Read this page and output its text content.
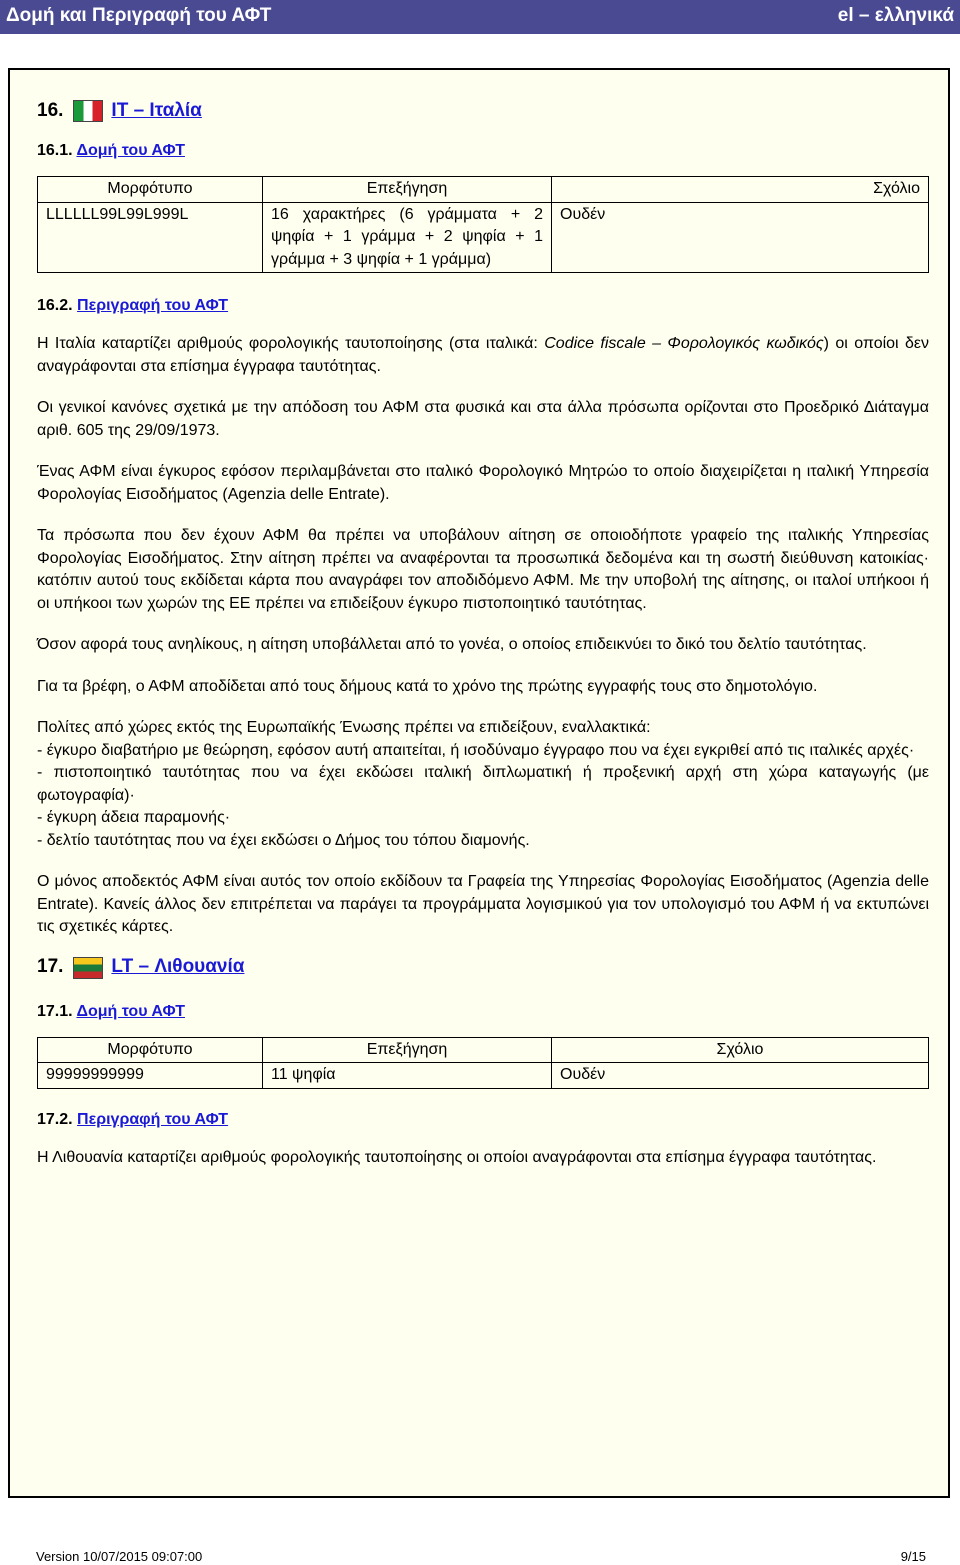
Δομή και Περιγραφή του ΑΦΤ	el – ελληνικά
16.	IT – Ιταλία
16.1. Δομή του ΑΦΤ
Μορφότυπο	Επεξήγηση	Σχόλιο
LLLLLL99L99L999L	16 χαρακτήρες (6 γράμματα + 2 ψηφία + 1 γράμμα + 2 ψηφία + 1 γράμμα + 3 ψηφία + 1 γράμμα)	Ουδέν
16.2. Περιγραφή του ΑΦΤ
Η Ιταλία καταρτίζει αριθμούς φορολογικής ταυτοποίησης (στα ιταλικά: Codice fiscale – Φορολογικός κωδικός) οι οποίοι δεν αναγράφονται στα επίσημα έγγραφα ταυτότητας.
Οι γενικοί κανόνες σχετικά με την απόδοση του ΑΦΜ στα φυσικά και στα άλλα πρόσωπα ορίζονται στο Προεδρικό Διάταγμα αριθ. 605 της 29/09/1973.
Ένας ΑΦΜ είναι έγκυρος εφόσον περιλαμβάνεται στο ιταλικό Φορολογικό Μητρώο το οποίο διαχειρίζεται η ιταλική Υπηρεσία Φορολογίας Εισοδήματος (Agenzia delle Entrate).
Τα πρόσωπα που δεν έχουν ΑΦΜ θα πρέπει να υποβάλουν αίτηση σε οποιοδήποτε γραφείο της ιταλικής Υπηρεσίας Φορολογίας Εισοδήματος. Στην αίτηση πρέπει να αναφέρονται τα προσωπικά δεδομένα και τη σωστή διεύθυνση κατοικίας· κατόπιν αυτού τους εκδίδεται κάρτα που αναγράφει τον αποδιδόμενο ΑΦΜ. Με την υποβολή της αίτησης, οι ιταλοί υπήκοοι ή οι υπήκοοι των χωρών της ΕΕ πρέπει να επιδείξουν έγκυρο πιστοποιητικό ταυτότητας.
Όσον αφορά τους ανηλίκους, η αίτηση υποβάλλεται από το γονέα, ο οποίος επιδεικνύει το δικό του δελτίο ταυτότητας.
Για τα βρέφη, ο ΑΦΜ αποδίδεται από τους δήμους κατά το χρόνο της πρώτης εγγραφής τους στο δημοτολόγιο.
Πολίτες από χώρες εκτός της Ευρωπαϊκής Ένωσης πρέπει να επιδείξουν, εναλλακτικά:
- έγκυρο διαβατήριο με θεώρηση, εφόσον αυτή απαιτείται, ή ισοδύναμο έγγραφο που να έχει εγκριθεί από τις ιταλικές αρχές·
- πιστοποιητικό ταυτότητας που να έχει εκδώσει ιταλική διπλωματική ή προξενική αρχή στη χώρα καταγωγής (με φωτογραφία)·
- έγκυρη άδεια παραμονής·
- δελτίο ταυτότητας που να έχει εκδώσει ο Δήμος του τόπου διαμονής.
Ο μόνος αποδεκτός ΑΦΜ είναι αυτός τον οποίο εκδίδουν τα Γραφεία της Υπηρεσίας Φορολογίας Εισοδήματος (Agenzia delle Entrate). Κανείς άλλος δεν επιτρέπεται να παράγει τα προγράμματα λογισμικού για τον υπολογισμό του ΑΦΜ ή να εκτυπώνει τις σχετικές κάρτες.
17.	LT – Λιθουανία
17.1. Δομή του ΑΦΤ
Μορφότυπο	Επεξήγηση	Σχόλιο
99999999999	11 ψηφία	Ουδέν
17.2. Περιγραφή του ΑΦΤ
Η Λιθουανία καταρτίζει αριθμούς φορολογικής ταυτοποίησης οι οποίοι αναγράφονται στα επίσημα έγγραφα ταυτότητας.
Version 10/07/2015 09:07:00	9/15
